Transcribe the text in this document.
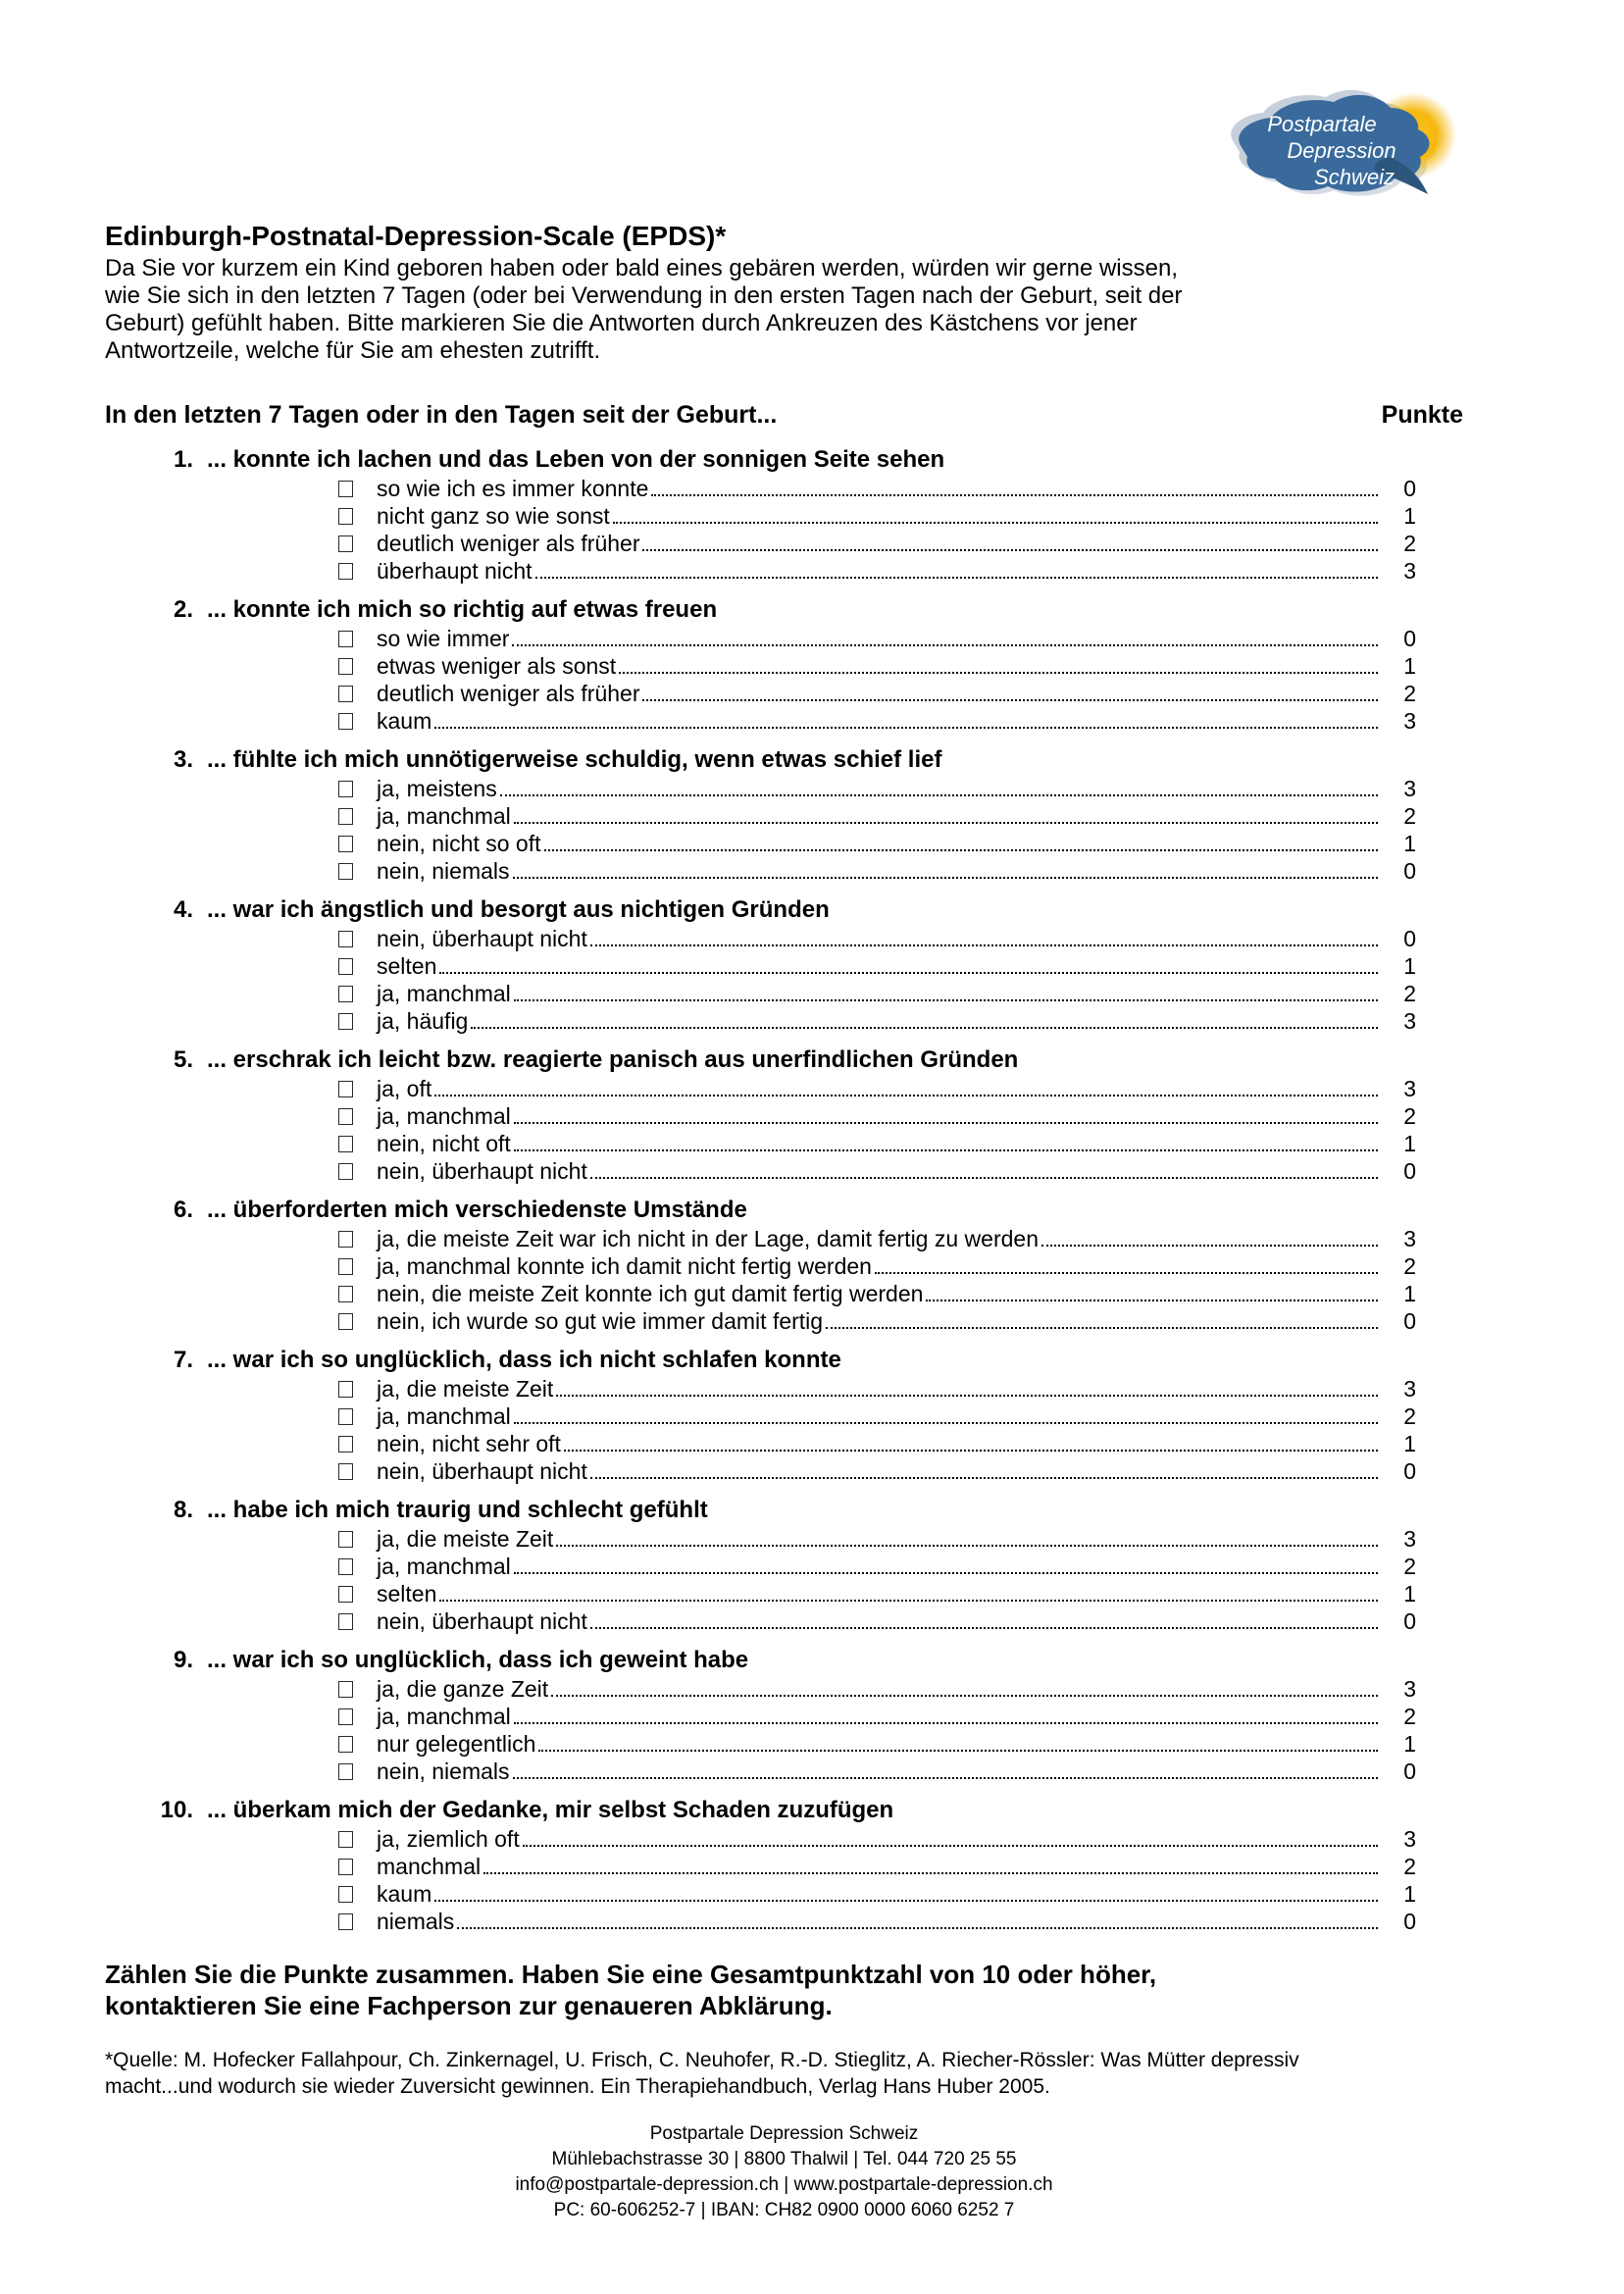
Postpartale
Depression
Schweiz
Edinburgh-Postnatal-Depression-Scale (EPDS)*
Da Sie vor kurzem ein Kind geboren haben oder bald eines gebären werden, würden wir gerne wissen,
wie Sie sich in den letzten 7 Tagen (oder bei Verwendung in den ersten Tagen nach der Geburt, seit der
Geburt) gefühlt haben. Bitte markieren Sie die Antworten durch Ankreuzen des Kästchens vor jener
Antwortzeile, welche für Sie am ehesten zutrifft.
In den letzten 7 Tagen oder in den Tagen seit der Geburt...	Punkte
1. ... konnte ich lachen und das Leben von der sonnigen Seite sehen
so wie ich es immer konnte	0
nicht ganz so wie sonst	1
deutlich weniger als früher	2
überhaupt nicht	3
2. ... konnte ich mich so richtig auf etwas freuen
so wie immer	0
etwas weniger als sonst	1
deutlich weniger als früher	2
kaum	3
3. ... fühlte ich mich unnötigerweise schuldig, wenn etwas schief lief
ja, meistens	3
ja, manchmal	2
nein, nicht so oft	1
nein, niemals	0
4. ... war ich ängstlich und besorgt aus nichtigen Gründen
nein, überhaupt nicht	0
selten	1
ja, manchmal	2
ja, häufig	3
5. ... erschrak ich leicht bzw. reagierte panisch aus unerfindlichen Gründen
ja, oft	3
ja, manchmal	2
nein, nicht oft	1
nein, überhaupt nicht	0
6. ... überforderten mich verschiedenste Umstände
ja, die meiste Zeit war ich nicht in der Lage, damit fertig zu werden	3
ja, manchmal konnte ich damit nicht fertig werden	2
nein, die meiste Zeit konnte ich gut damit fertig werden	1
nein, ich wurde so gut wie immer damit fertig	0
7. ... war ich so unglücklich, dass ich nicht schlafen konnte
ja, die meiste Zeit	3
ja, manchmal	2
nein, nicht sehr oft	1
nein, überhaupt nicht	0
8. ... habe ich mich traurig und schlecht gefühlt
ja, die meiste Zeit	3
ja, manchmal	2
selten	1
nein, überhaupt nicht	0
9. ... war ich so unglücklich, dass ich geweint habe
ja, die ganze Zeit	3
ja, manchmal	2
nur gelegentlich	1
nein, niemals	0
10. ... überkam mich der Gedanke, mir selbst Schaden zuzufügen
ja, ziemlich oft	3
manchmal	2
kaum	1
niemals	0
Zählen Sie die Punkte zusammen. Haben Sie eine Gesamtpunktzahl von 10 oder höher,
kontaktieren Sie eine Fachperson zur genaueren Abklärung.
*Quelle: M. Hofecker Fallahpour, Ch. Zinkernagel, U. Frisch, C. Neuhofer, R.-D. Stieglitz, A. Riecher-Rössler: Was Mütter depressiv
macht...und wodurch sie wieder Zuversicht gewinnen. Ein Therapiehandbuch, Verlag Hans Huber 2005.
Postpartale Depression Schweiz
Mühlebachstrasse 30 | 8800 Thalwil | Tel. 044 720 25 55
info@postpartale-depression.ch | www.postpartale-depression.ch
PC: 60-606252-7 | IBAN: CH82 0900 0000 6060 6252 7
